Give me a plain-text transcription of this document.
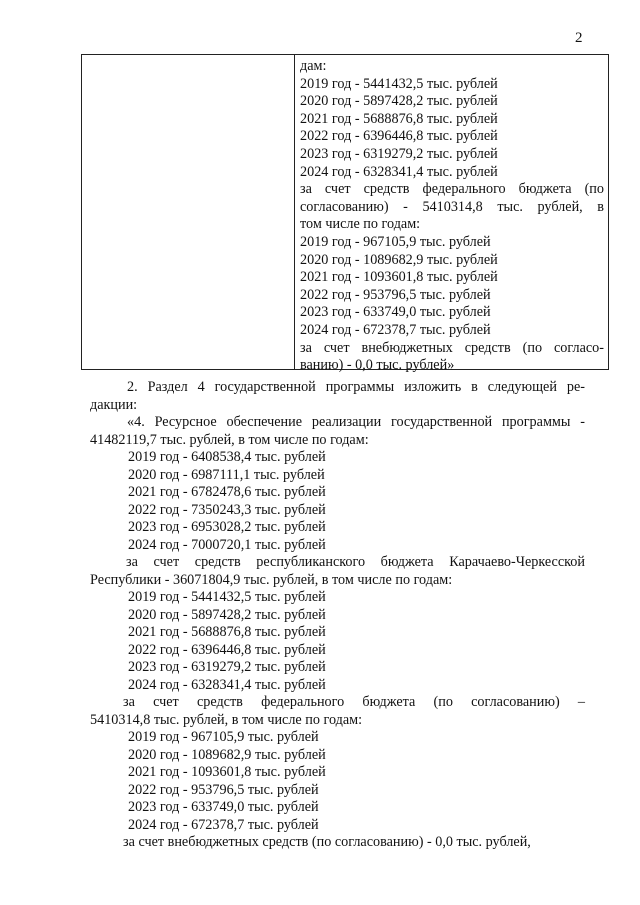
2
дам:
2019 год - 5441432,5 тыс. рублей
2020 год - 5897428,2 тыс. рублей
2021 год - 5688876,8 тыс. рублей
2022 год - 6396446,8 тыс. рублей
2023 год - 6319279,2 тыс. рублей
2024 год - 6328341,4 тыс. рублей
за счет средств федерального бюджета (по
согласованию) - 5410314,8 тыс. рублей, в
том числе по годам:
2019 год - 967105,9 тыс. рублей
2020 год - 1089682,9 тыс. рублей
2021 год - 1093601,8 тыс. рублей
2022 год - 953796,5 тыс. рублей
2023 год - 633749,0 тыс. рублей
2024 год - 672378,7 тыс. рублей
за счет внебюджетных средств (по согласо-
ванию) - 0,0 тыс. рублей»
2. Раздел 4 государственной программы изложить в следующей ре-
дакции:
«4. Ресурсное обеспечение реализации государственной программы -
41482119,7 тыс. рублей, в том числе по годам:
2019 год - 6408538,4 тыс. рублей
2020 год - 6987111,1 тыс. рублей
2021 год - 6782478,6 тыс. рублей
2022 год - 7350243,3 тыс. рублей
2023 год - 6953028,2 тыс. рублей
2024 год - 7000720,1 тыс. рублей
за счет средств республиканского бюджета Карачаево-Черкесской
Республики - 36071804,9 тыс. рублей, в том числе по годам:
2019 год - 5441432,5 тыс. рублей
2020 год - 5897428,2 тыс. рублей
2021 год - 5688876,8 тыс. рублей
2022 год - 6396446,8 тыс. рублей
2023 год - 6319279,2 тыс. рублей
2024 год - 6328341,4 тыс. рублей
за счет средств федерального бюджета (по согласованию) –
5410314,8 тыс. рублей, в том числе по годам:
2019 год - 967105,9 тыс. рублей
2020 год - 1089682,9 тыс. рублей
2021 год - 1093601,8 тыс. рублей
2022 год - 953796,5 тыс. рублей
2023 год - 633749,0 тыс. рублей
2024 год - 672378,7 тыс. рублей
за счет внебюджетных средств (по согласованию) - 0,0 тыс. рублей,
